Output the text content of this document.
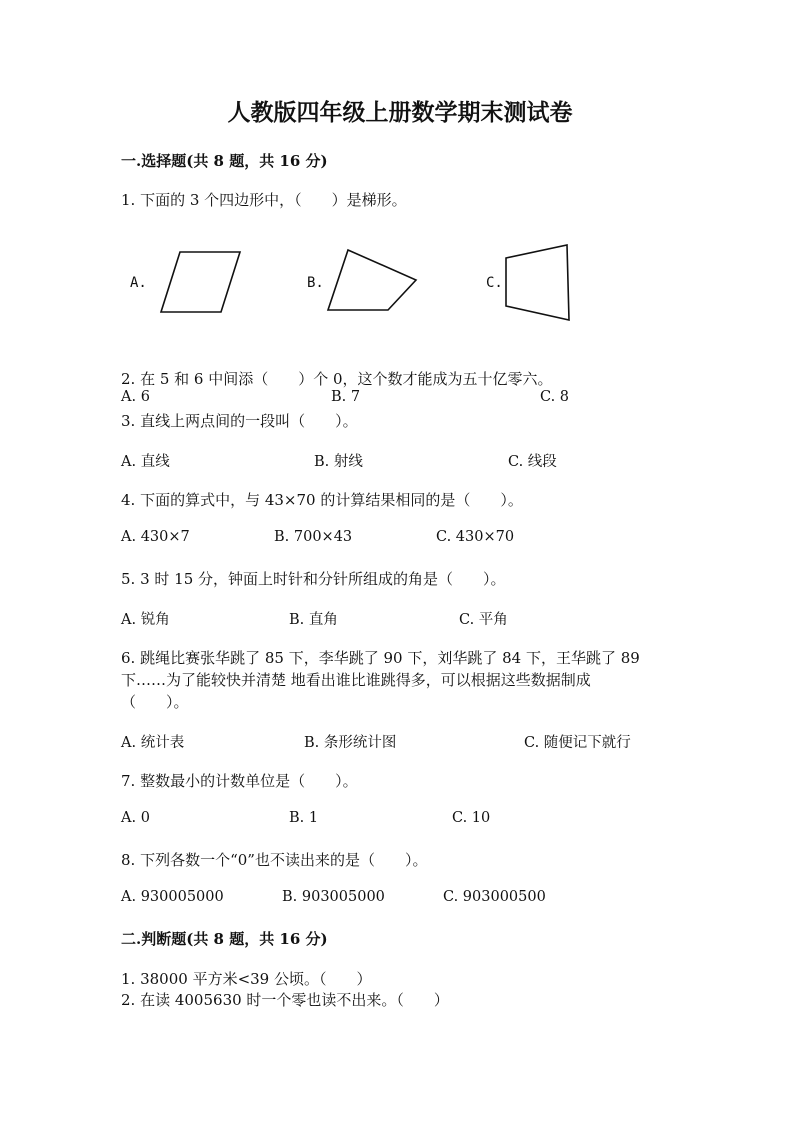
人教版四年级上册数学期末测试卷
一.选择题(共 8 题，共 16 分)
1. 下面的 3 个四边形中，（　　）是梯形。
A.	B.	C.
2. 在 5 和 6 中间添（　　）个 0，这个数才能成为五十亿零六。
A. 6	B. 7	C. 8
3. 直线上两点间的一段叫（　　）。
A. 直线	B. 射线	C. 线段
4. 下面的算式中，与 43×70 的计算结果相同的是（　　）。
A. 430×7	B. 700×43	C. 430×70
5. 3 时 15 分，钟面上时针和分针所组成的角是（　　）。
A. 锐角	B. 直角	C. 平角
6. 跳绳比赛张华跳了 85 下，李华跳了 90 下，刘华跳了 84 下，王华跳了 89
下……为了能较快并清楚 地看出谁比谁跳得多，可以根据这些数据制成
（　　）。
A. 统计表	B. 条形统计图	C. 随便记下就行
7. 整数最小的计数单位是（　　）。
A. 0	B. 1	C. 10
8. 下列各数一个“0”也不读出来的是（　　）。
A. 930005000	B. 903005000	C. 903000500
二.判断题(共 8 题，共 16 分)
1. 38000 平方米<39 公顷。（　　）
2. 在读 4005630 时一个零也读不出来。（　　）
